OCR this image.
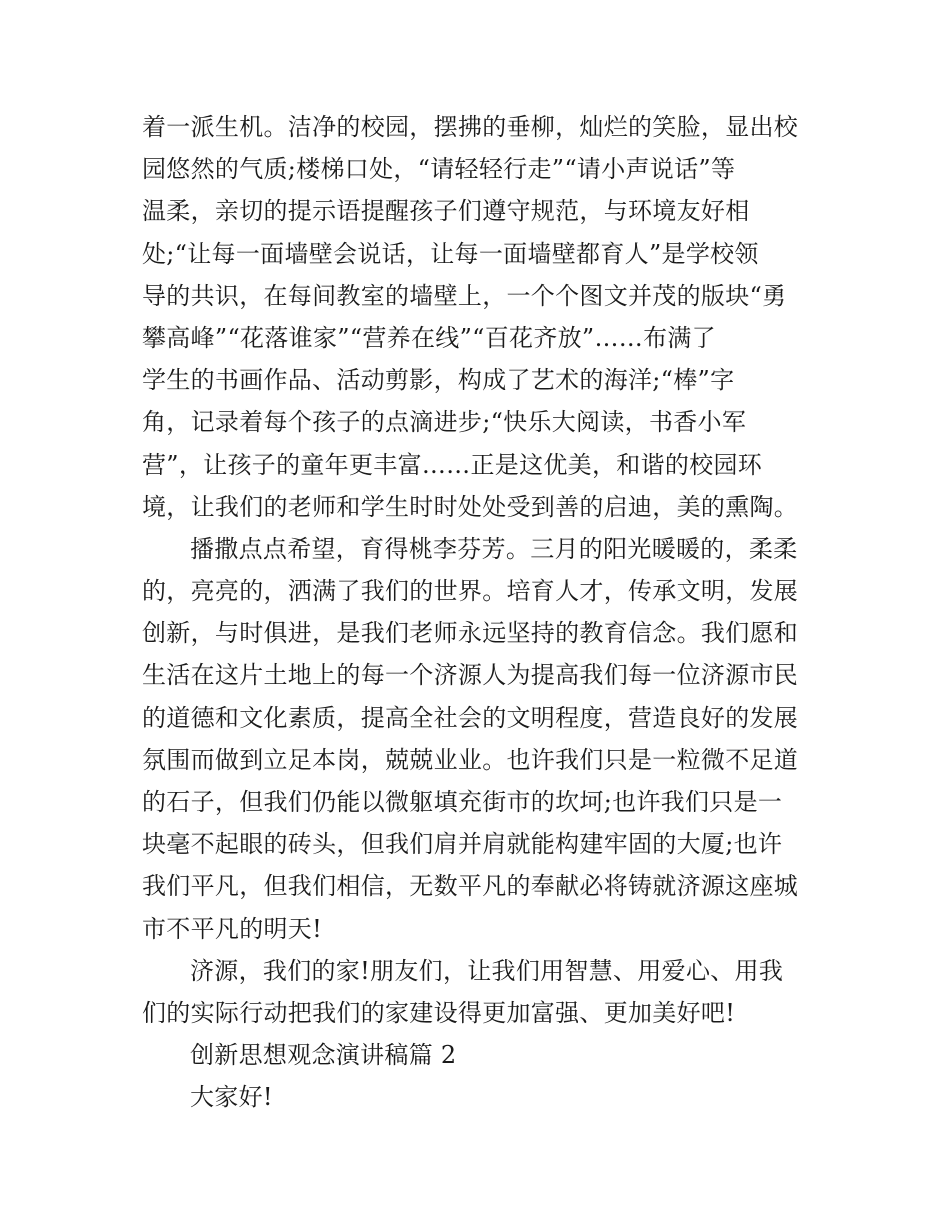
着一派生机。洁净的校园，摆拂的垂柳，灿烂的笑脸，显出校
园悠然的气质;楼梯口处，“请轻轻行走”“请小声说话”等
温柔，亲切的提示语提醒孩子们遵守规范，与环境友好相
处;“让每一面墙壁会说话，让每一面墙壁都育人”是学校领
导的共识，在每间教室的墙壁上，一个个图文并茂的版块“勇
攀高峰”“花落谁家”“营养在线”“百花齐放”……布满了
学生的书画作品、活动剪影，构成了艺术的海洋;“棒”字
角，记录着每个孩子的点滴进步;“快乐大阅读，书香小军
营”，让孩子的童年更丰富……正是这优美，和谐的校园环
境，让我们的老师和学生时时处处受到善的启迪，美的熏陶。
播撒点点希望，育得桃李芬芳。三月的阳光暖暖的，柔柔
的，亮亮的，洒满了我们的世界。培育人才，传承文明，发展
创新，与时俱进，是我们老师永远坚持的教育信念。我们愿和
生活在这片土地上的每一个济源人为提高我们每一位济源市民
的道德和文化素质，提高全社会的文明程度，营造良好的发展
氛围而做到立足本岗，兢兢业业。也许我们只是一粒微不足道
的石子，但我们仍能以微躯填充街市的坎坷;也许我们只是一
块毫不起眼的砖头，但我们肩并肩就能构建牢固的大厦;也许
我们平凡，但我们相信，无数平凡的奉献必将铸就济源这座城
市不平凡的明天!
济源，我们的家!朋友们，让我们用智慧、用爱心、用我
们的实际行动把我们的家建设得更加富强、更加美好吧!
创新思想观念演讲稿篇 2
大家好!
